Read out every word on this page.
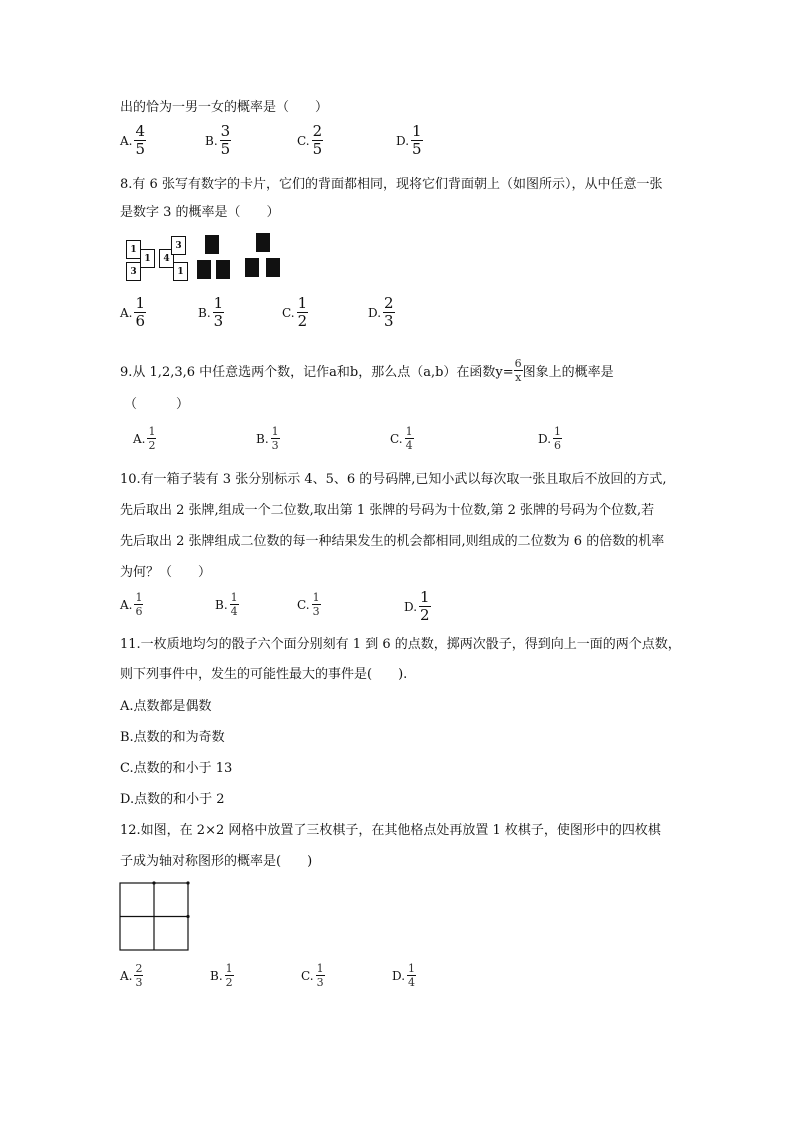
出的恰为一男一女的概率是（　　）
A. $\frac{4}{5}$	B. $\frac{3}{5}$	C. $\frac{2}{5}$	D. $\frac{1}{5}$
8.有 6 张写有数字的卡片，它们的背面都相同，现将它们背面朝上（如图所示），从中任意一张
是数字 3 的概率是（　　）
1
3
1	4
3
1
A. $\frac{1}{6}$	B. $\frac{1}{3}$	C. $\frac{1}{2}$	D. $\frac{2}{3}$
9.从 1,2,3,6 中任意选两个数，记作a和b，那么点（a,b）在函数$y= \frac{6}{x}$ 图象上的概率是
（　　　）
A. $\frac{1}{2}$	B. $\frac{1}{3}$	C. $\frac{1}{4}$	D. $\frac{1}{6}$
10.有一箱子装有 3 张分别标示 4、5、6 的号码牌,已知小武以每次取一张且取后不放回的方式,
先后取出 2 张牌,组成一个二位数,取出第 1 张牌的号码为十位数,第 2 张牌的号码为个位数,若
先后取出 2 张牌组成二位数的每一种结果发生的机会都相同,则组成的二位数为 6 的倍数的机率
为何？（　　）
A. $\frac{1}{6}$	B. $\frac{1}{4}$	C. $\frac{1}{3}$	D. $\frac{1}{2}$
11.一枚质地均匀的骰子六个面分别刻有 1 到 6 的点数，掷两次骰子，得到向上一面的两个点数，
则下列事件中，发生的可能性最大的事件是(　　).
A.点数都是偶数
B.点数的和为奇数
C.点数的和小于 13
D.点数的和小于 2
12.如图，在 2×2 网格中放置了三枚棋子，在其他格点处再放置 1 枚棋子，使图形中的四枚棋
子成为轴对称图形的概率是(　　)
A. $\frac{2}{3}$	B. $\frac{1}{2}$	C. $\frac{1}{3}$	D. $\frac{1}{4}$
